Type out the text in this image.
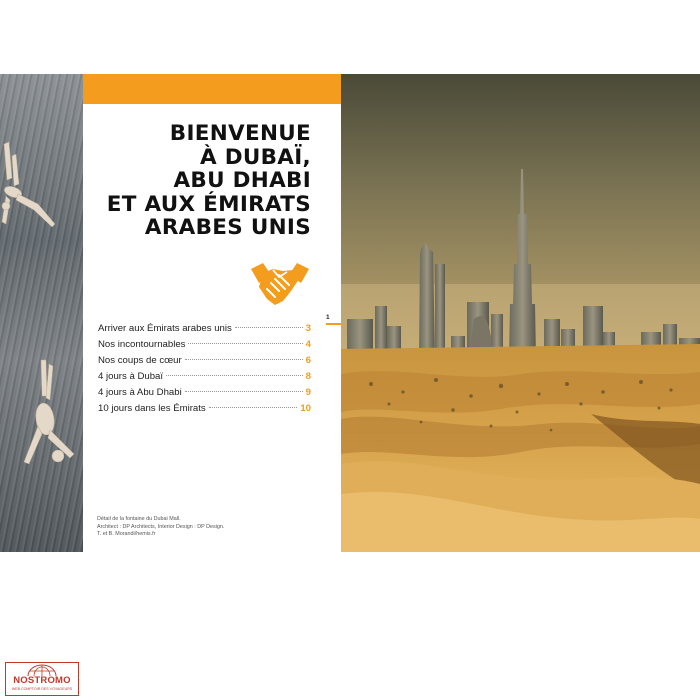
BIENVENUE
À DUBAÏ,
ABU DHABI
ET AUX ÉMIRATS
ARABES UNIS
Arriver aux Émirats arabes unis	3
Nos incontournables	4
Nos coups de cœur	6
4 jours à Dubaï	8
4 jours à Abu Dhabi	9
10 jours dans les Émirats	10
Détail de la fontaine du Dubai Mall.
Architect : DP Architects, Interior Design : DP Design.
T. et B. Morandi/hemis.fr
1
NOSTROMO
WEB COMPTOIR DES VOYAGEURS
